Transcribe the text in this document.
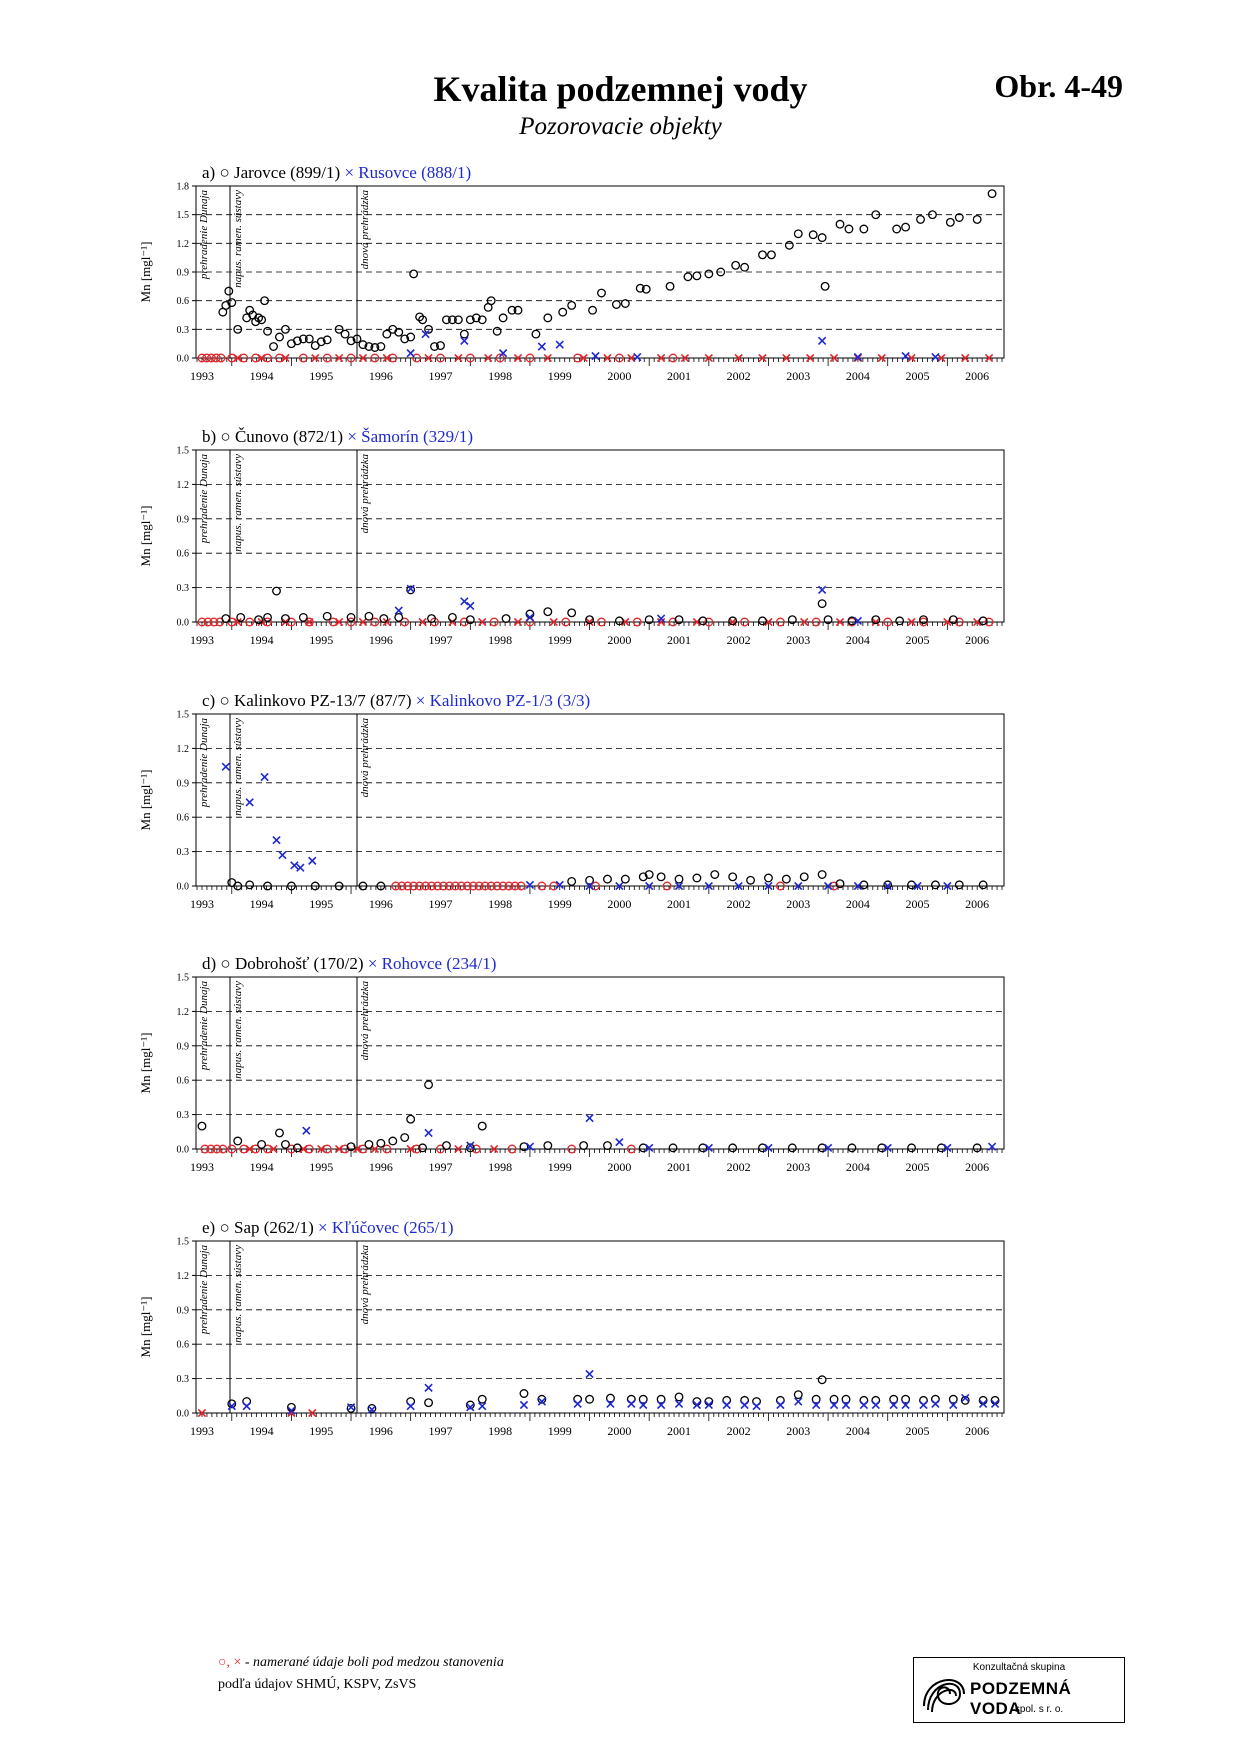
Kvalita podzemnej vody
Pozorovacie objekty
Obr. 4-49
a) ○ Jarovce (899/1) × Rusovce (888/1)
0.0
0.3
0.6
0.9
1.2
1.5
1.8
Mn [mgl⁻¹]
1993	1994	1995	1996	1997	1998	1999	2000	2001	2002	2003	2004	2005	2006
prehradenie Dunaja napus. ramen. sústavy	dnová prehrádzka
b) ○ Čunovo (872/1) × Šamorín (329/1)
0.0
0.3
0.6
0.9
1.2
1.5
Mn [mgl⁻¹]
1993	1994	1995	1996	1997	1998	1999	2000	2001	2002	2003	2004	2005	2006
prehradenie Dunaja napus. ramen. sústavy	dnová prehrádzka
c) ○ Kalinkovo PZ-13/7 (87/7) × Kalinkovo PZ-1/3 (3/3)
0.0
0.3
0.6
0.9
1.2
1.5
Mn [mgl⁻¹]
1993	1994	1995	1996	1997	1998	1999	2000	2001	2002	2003	2004	2005	2006
prehradenie Dunaja napus. ramen. sústavy	dnová prehrádzka
d) ○ Dobrohošť (170/2) × Rohovce (234/1)
0.0
0.3
0.6
0.9
1.2
1.5
Mn [mgl⁻¹]
1993	1994	1995	1996	1997	1998	1999	2000	2001	2002	2003	2004	2005	2006
prehradenie Dunaja napus. ramen. sústavy	dnová prehrádzka
e) ○ Sap (262/1) × Kľúčovec (265/1)
0.0
0.3
0.6
0.9
1.2
1.5
Mn [mgl⁻¹]
1993	1994	1995	1996	1997	1998	1999	2000	2001	2002	2003	2004	2005	2006
prehradenie Dunaja napus. ramen. sústavy	dnová prehrádzka
○, × - namerané údaje boli pod medzou stanovenia
podľa údajov SHMÚ, KSPV, ZsVS
Konzultačná skupina
PODZEMNÁ VODA
spol. s r. o.
